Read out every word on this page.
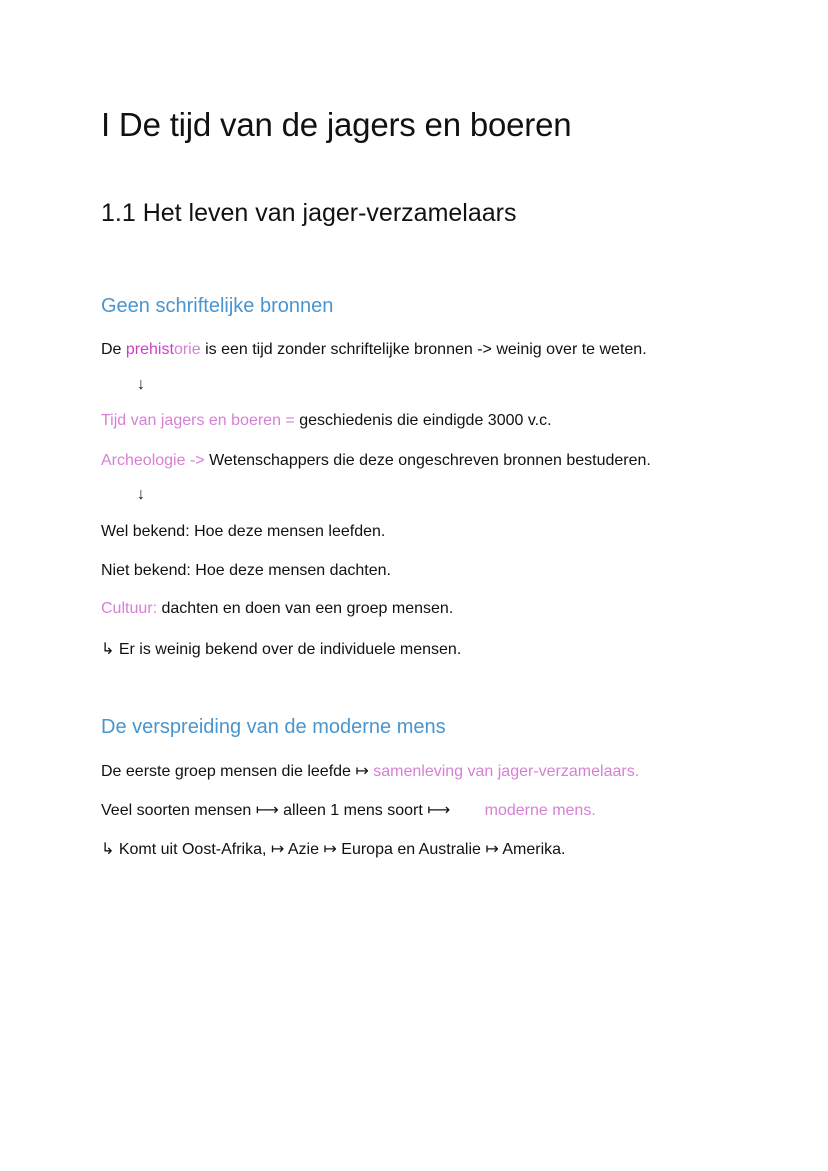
I De tijd van de jagers en boeren
1.1 Het leven van jager-verzamelaars
Geen schriftelijke bronnen
De prehistorie is een tijd zonder schriftelijke bronnen -> weinig over te weten.
↓
Tijd van jagers en boeren = geschiedenis die eindigde 3000 v.c.
Archeologie -> Wetenschappers die deze ongeschreven bronnen bestuderen.
↓
Wel bekend: Hoe deze mensen leefden.
Niet bekend: Hoe deze mensen dachten.
Cultuur: dachten en doen van een groep mensen.
↳ Er is weinig bekend over de individuele mensen.
De verspreiding van de moderne mens
De eerste groep mensen die leefde ↦ samenleving van jager-verzamelaars.
Veel soorten mensen ⟼ alleen 1 mens soort ⟼ moderne mens.
↳ Komt uit Oost-Afrika, ↦ Azie ↦ Europa en Australie ↦ Amerika.
